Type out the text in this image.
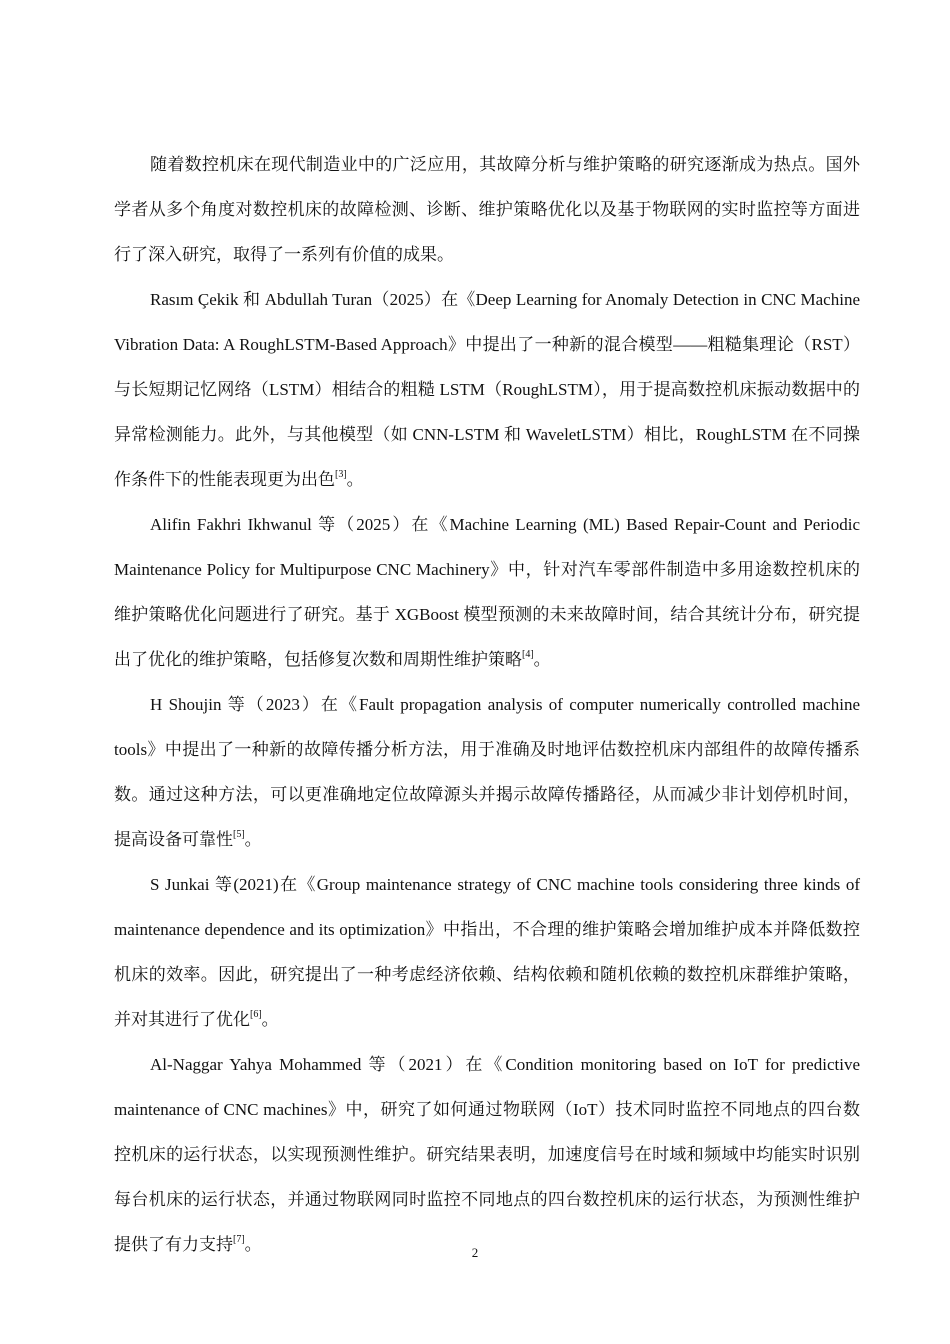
随着数控机床在现代制造业中的广泛应用，其故障分析与维护策略的研究逐渐成为热点。国外学者从多个角度对数控机床的故障检测、诊断、维护策略优化以及基于物联网的实时监控等方面进行了深入研究，取得了一系列有价值的成果。

Rasım Çekik 和 Abdullah Turan（2025）在《Deep Learning for Anomaly Detection in CNC Machine Vibration Data: A RoughLSTM-Based Approach》中提出了一种新的混合模型——粗糙集理论（RST）与长短期记忆网络（LSTM）相结合的粗糙 LSTM（RoughLSTM），用于提高数控机床振动数据中的异常检测能力。此外，与其他模型（如 CNN-LSTM 和 WaveletLSTM）相比，RoughLSTM 在不同操作条件下的性能表现更为出色[3]。

Alifin Fakhri Ikhwanul 等（2025）在《Machine Learning (ML) Based Repair-Count and Periodic Maintenance Policy for Multipurpose CNC Machinery》中，针对汽车零部件制造中多用途数控机床的维护策略优化问题进行了研究。基于 XGBoost 模型预测的未来故障时间，结合其统计分布，研究提出了优化的维护策略，包括修复次数和周期性维护策略[4]。

H Shoujin 等（2023）在《Fault propagation analysis of computer numerically controlled machine tools》中提出了一种新的故障传播分析方法，用于准确及时地评估数控机床内部组件的故障传播系数。通过这种方法，可以更准确地定位故障源头并揭示故障传播路径，从而减少非计划停机时间，提高设备可靠性[5]。

S Junkai 等(2021)在《Group maintenance strategy of CNC machine tools considering three kinds of maintenance dependence and its optimization》中指出，不合理的维护策略会增加维护成本并降低数控机床的效率。因此，研究提出了一种考虑经济依赖、结构依赖和随机依赖的数控机床群维护策略，并对其进行了优化[6]。

Al-Naggar Yahya Mohammed 等（2021）在《Condition monitoring based on IoT for predictive maintenance of CNC machines》中，研究了如何通过物联网（IoT）技术同时监控不同地点的四台数控机床的运行状态，以实现预测性维护。研究结果表明，加速度信号在时域和频域中均能实时识别每台机床的运行状态，并通过物联网同时监控不同地点的四台数控机床的运行状态，为预测性维护提供了有力支持[7]。	2
